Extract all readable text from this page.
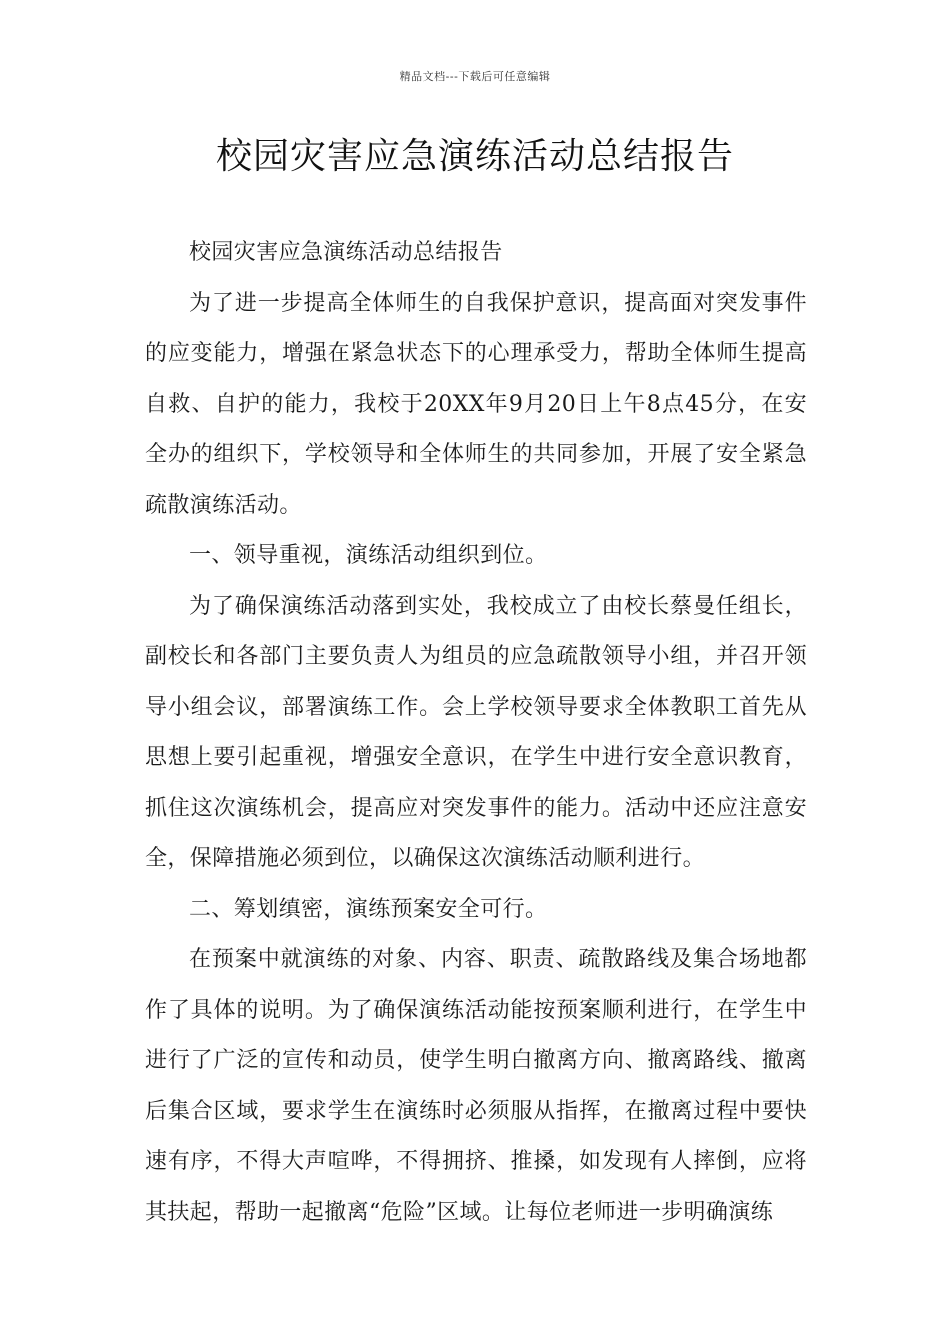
精品文档---下载后可任意编辑
校园灾害应急演练活动总结报告

校园灾害应急演练活动总结报告

为了进一步提高全体师生的自我保护意识，提高面对突发事件的应变能力，增强在紧急状态下的心理承受力，帮助全体师生提高自救、自护的能力，我校于20XX年9月20日上午8点45分，在安全办的组织下，学校领导和全体师生的共同参加，开展了安全紧急疏散演练活动。

一、领导重视，演练活动组织到位。

为了确保演练活动落到实处，我校成立了由校长蔡曼任组长，副校长和各部门主要负责人为组员的应急疏散领导小组，并召开领导小组会议，部署演练工作。会上学校领导要求全体教职工首先从思想上要引起重视，增强安全意识，在学生中进行安全意识教育，抓住这次演练机会，提高应对突发事件的能力。活动中还应注意安全，保障措施必须到位，以确保这次演练活动顺利进行。

二、筹划缜密，演练预案安全可行。

在预案中就演练的对象、内容、职责、疏散路线及集合场地都作了具体的说明。为了确保演练活动能按预案顺利进行，在学生中进行了广泛的宣传和动员，使学生明白撤离方向、撤离路线、撤离后集合区域，要求学生在演练时必须服从指挥，在撤离过程中要快速有序，不得大声喧哗，不得拥挤、推搡，如发现有人摔倒，应将其扶起，帮助一起撤离“危险”区域。让每位老师进一步明确演练
